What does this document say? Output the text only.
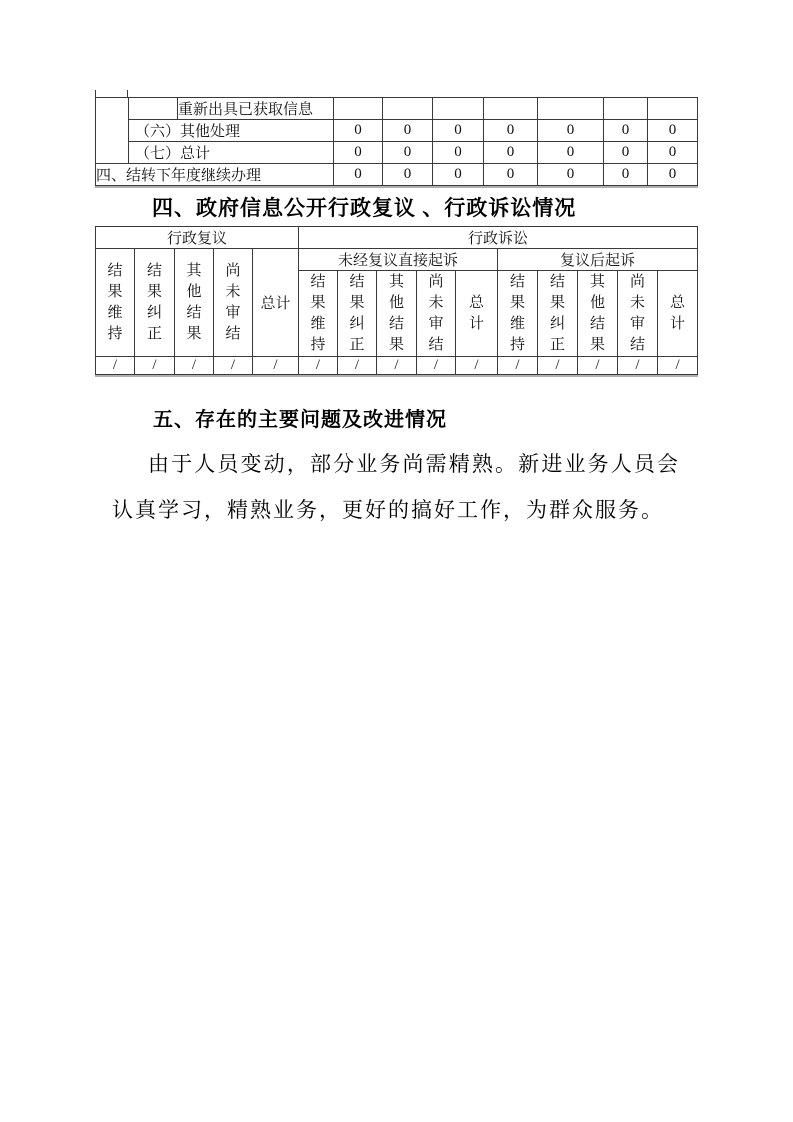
		重新出具已获取信息							
	（六）其他处理		0	0	0	0	0	0	0
	（七）总计		0	0	0	0	0	0	0
四、结转下年度继续办理			0	0	0	0	0	0	0
四、政府信息公开行政复议 、行政诉讼情况
行政复议					行政诉讼									

结果维持	结果纠正	其他结果	尚未审结	总计	未经复议直接起诉					复议后起诉				

					结果维持	结果纠正	其他结果	尚未审结	总计	结果维持	结果纠正	其他结果	尚未审结	总计

/	/	/	/	/	/	/	/	/	/	/	/	/	/	/
五、存在的主要问题及改进情况
由于人员变动，部分业务尚需精熟。新进业务人员会认真学习，精熟业务，更好的搞好工作，为群众服务。
